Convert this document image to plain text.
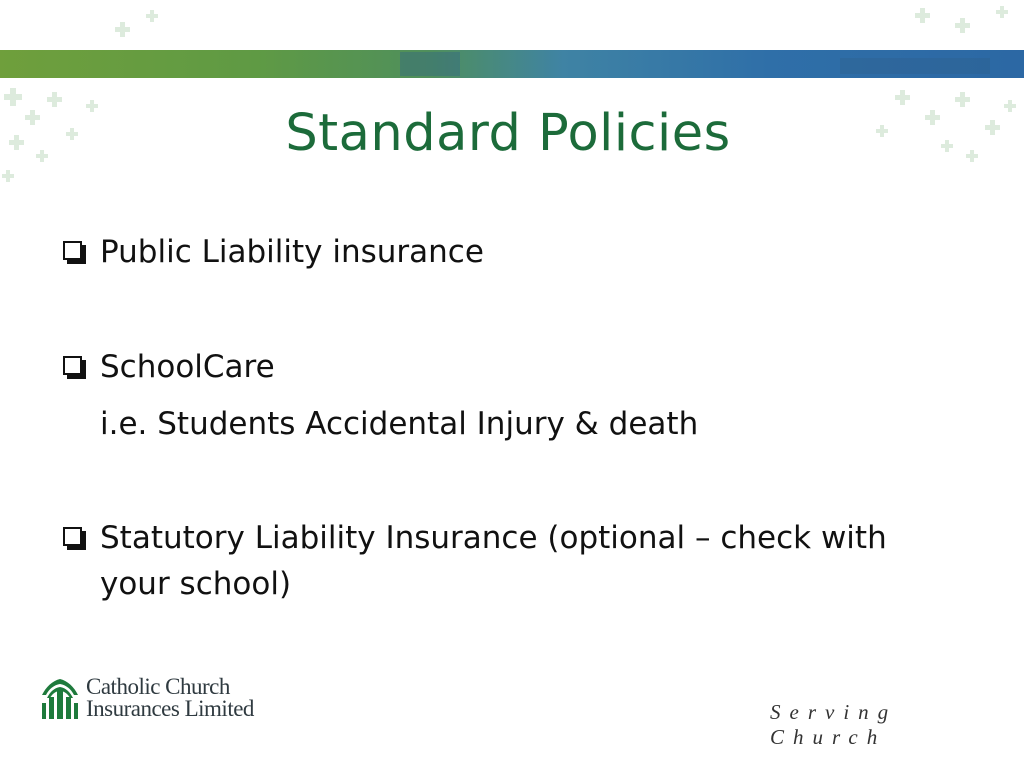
Standard Policies
Public Liability insurance
SchoolCare
i.e. Students Accidental Injury & death
Statutory Liability Insurance (optional – check with your school)
Catholic Church
Insurances Limited	Serving Church
